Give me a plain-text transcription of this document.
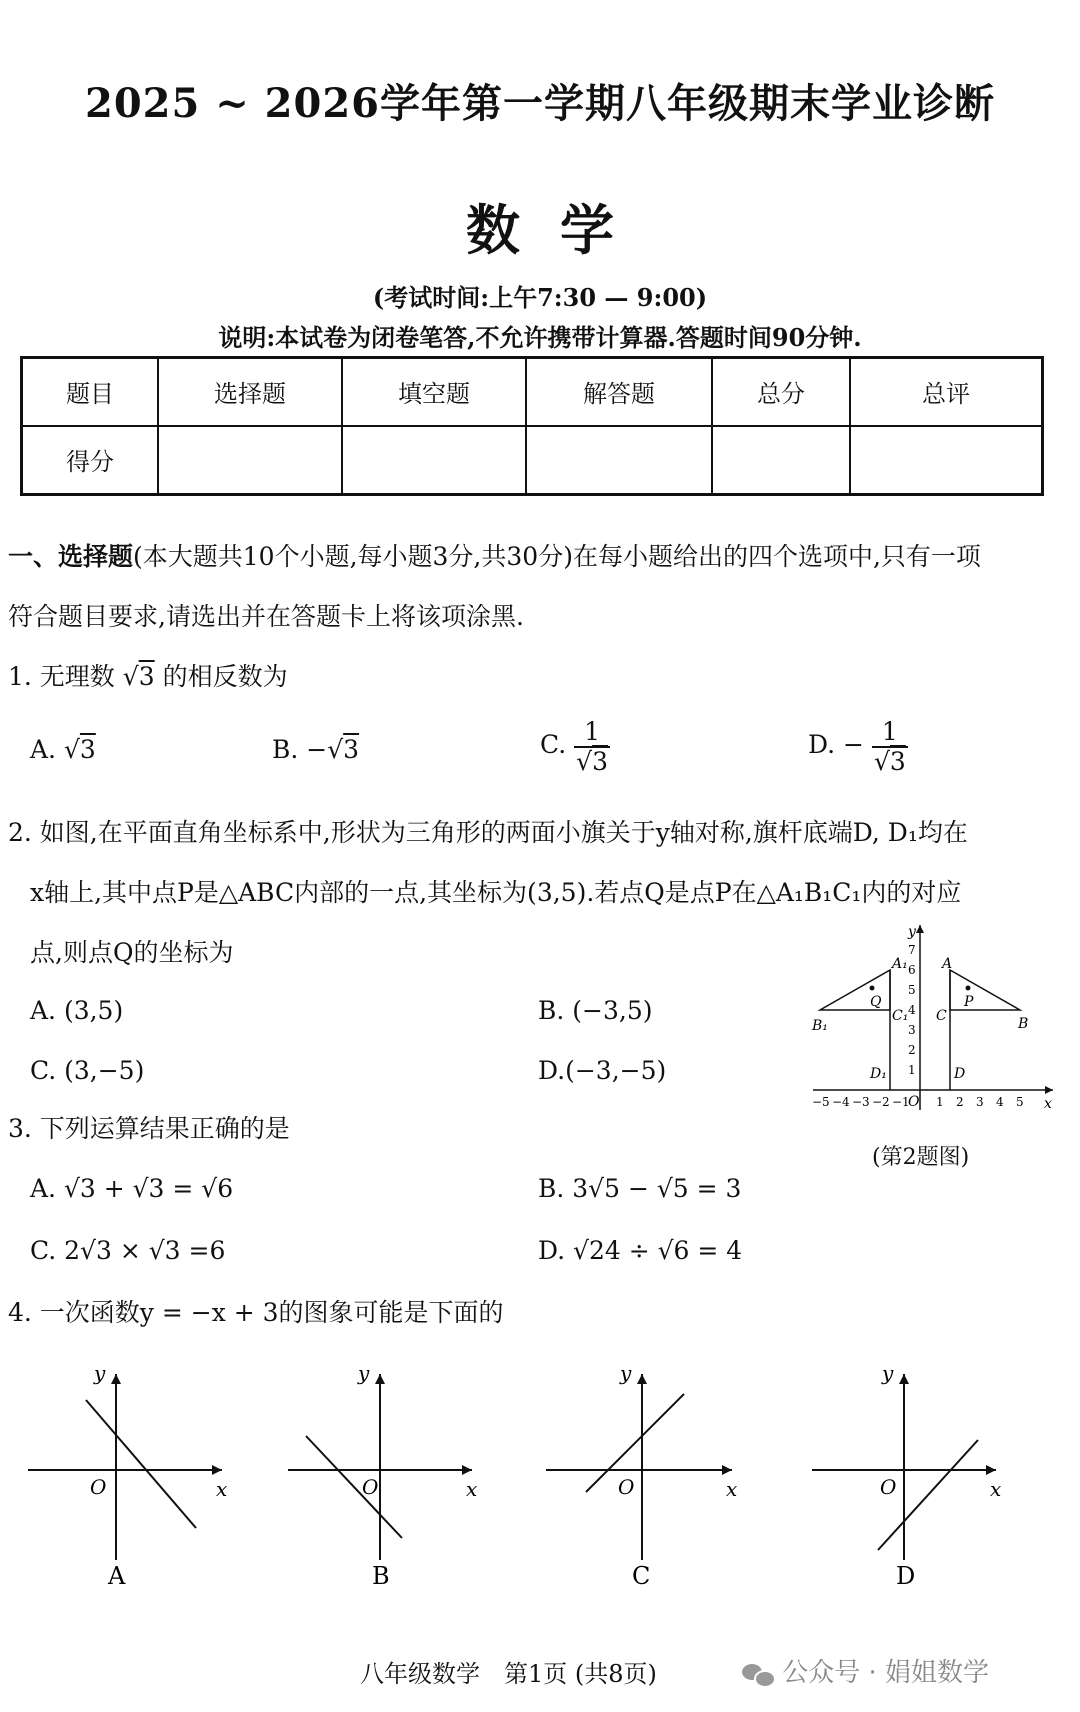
2025 ~ 2026学年第一学期八年级期末学业诊断
数学
(考试时间:上午7:30 — 9:00)
说明:本试卷为闭卷笔答,不允许携带计算器.答题时间90分钟.
题目	选择题	填空题	解答题	总分	总评
得分					
一、选择题(本大题共10个小题,每小题3分,共30分)在每小题给出的四个选项中,只有一项
符合题目要求,请选出并在答题卡上将该项涂黑.
1. 无理数 √3 的相反数为
A. √3	B. −√3	C. $\frac{1}{√3}$	D. − $\frac{1}{√3}$
2. 如图,在平面直角坐标系中,形状为三角形的两面小旗关于y轴对称,旗杆底端D, D₁均在
x轴上,其中点P是△ABC内部的一点,其坐标为(3,5).若点Q是点P在△A₁B₁C₁内的对应
点,则点Q的坐标为
A. (3,5)	B. (−3,5)
C. (3,−5)	D.(−3,−5)
y
x
O
−5 −4 −3 −2 −1 1 2 3 4 5
1
2
3
4
5
6
7
Q
A₁
B₁
C₁
D₁
P
A
B
C
D
(第2题图)
3. 下列运算结果正确的是
A. √3 + √3 = √6	B. 3√5 − √5 = 3
C. 2√3 × √3 =6	D. √24 ÷ √6 = 4
4. 一次函数y = −x + 3的图象可能是下面的
y
x
O
A
y
x
O
B
y
x
O
C
y
x
O
D
八年级数学　第1页 (共8页)	公众号 · 娟姐数学
